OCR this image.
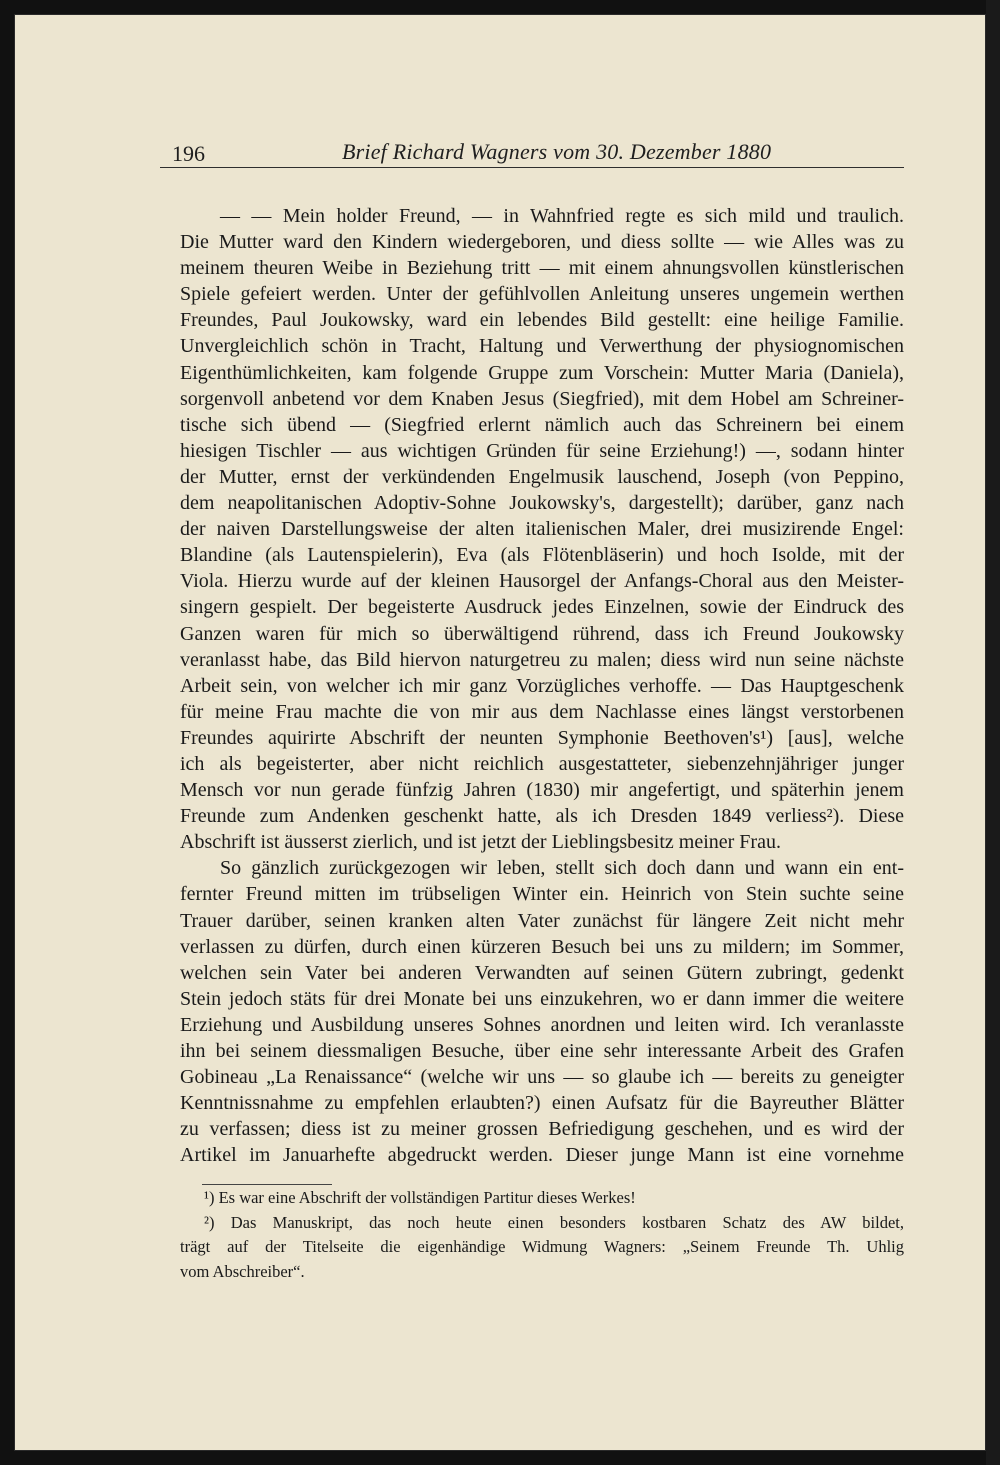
196	Brief Richard Wagners vom 30. Dezember 1880
— — Mein holder Freund, — in Wahnfried regte es sich mild und traulich.
Die Mutter ward den Kindern wiedergeboren, und diess sollte — wie Alles was zu
meinem theuren Weibe in Beziehung tritt — mit einem ahnungsvollen künstlerischen
Spiele gefeiert werden. Unter der gefühlvollen Anleitung unseres ungemein werthen
Freundes, Paul Joukowsky, ward ein lebendes Bild gestellt: eine heilige Familie.
Unvergleichlich schön in Tracht, Haltung und Verwerthung der physiognomischen
Eigenthümlichkeiten, kam folgende Gruppe zum Vorschein: Mutter Maria (Daniela),
sorgenvoll anbetend vor dem Knaben Jesus (Siegfried), mit dem Hobel am Schreiner-
tische sich übend — (Siegfried erlernt nämlich auch das Schreinern bei einem
hiesigen Tischler — aus wichtigen Gründen für seine Erziehung!) —, sodann hinter
der Mutter, ernst der verkündenden Engelmusik lauschend, Joseph (von Peppino,
dem neapolitanischen Adoptiv-Sohne Joukowsky's, dargestellt); darüber, ganz nach
der naiven Darstellungsweise der alten italienischen Maler, drei musizirende Engel:
Blandine (als Lautenspielerin), Eva (als Flötenbläserin) und hoch Isolde, mit der
Viola. Hierzu wurde auf der kleinen Hausorgel der Anfangs-Choral aus den Meister-
singern gespielt. Der begeisterte Ausdruck jedes Einzelnen, sowie der Eindruck des
Ganzen waren für mich so überwältigend rührend, dass ich Freund Joukowsky
veranlasst habe, das Bild hiervon naturgetreu zu malen; diess wird nun seine nächste
Arbeit sein, von welcher ich mir ganz Vorzügliches verhoffe. — Das Hauptgeschenk
für meine Frau machte die von mir aus dem Nachlasse eines längst verstorbenen
Freundes aquirirte Abschrift der neunten Symphonie Beethoven's¹) [aus], welche
ich als begeisterter, aber nicht reichlich ausgestatteter, siebenzehnjähriger junger
Mensch vor nun gerade fünfzig Jahren (1830) mir angefertigt, und späterhin jenem
Freunde zum Andenken geschenkt hatte, als ich Dresden 1849 verliess²). Diese
Abschrift ist äusserst zierlich, und ist jetzt der Lieblingsbesitz meiner Frau.
So gänzlich zurückgezogen wir leben, stellt sich doch dann und wann ein ent-
fernter Freund mitten im trübseligen Winter ein. Heinrich von Stein suchte seine
Trauer darüber, seinen kranken alten Vater zunächst für längere Zeit nicht mehr
verlassen zu dürfen, durch einen kürzeren Besuch bei uns zu mildern; im Sommer,
welchen sein Vater bei anderen Verwandten auf seinen Gütern zubringt, gedenkt
Stein jedoch stäts für drei Monate bei uns einzukehren, wo er dann immer die weitere
Erziehung und Ausbildung unseres Sohnes anordnen und leiten wird. Ich veranlasste
ihn bei seinem diessmaligen Besuche, über eine sehr interessante Arbeit des Grafen
Gobineau „La Renaissance“ (welche wir uns — so glaube ich — bereits zu geneigter
Kenntnissnahme zu empfehlen erlaubten?) einen Aufsatz für die Bayreuther Blätter
zu verfassen; diess ist zu meiner grossen Befriedigung geschehen, und es wird der
Artikel im Januarhefte abgedruckt werden. Dieser junge Mann ist eine vornehme
¹) Es war eine Abschrift der vollständigen Partitur dieses Werkes!
²) Das Manuskript, das noch heute einen besonders kostbaren Schatz des AW bildet,
trägt auf der Titelseite die eigenhändige Widmung Wagners: „Seinem Freunde Th. Uhlig
vom Abschreiber“.
